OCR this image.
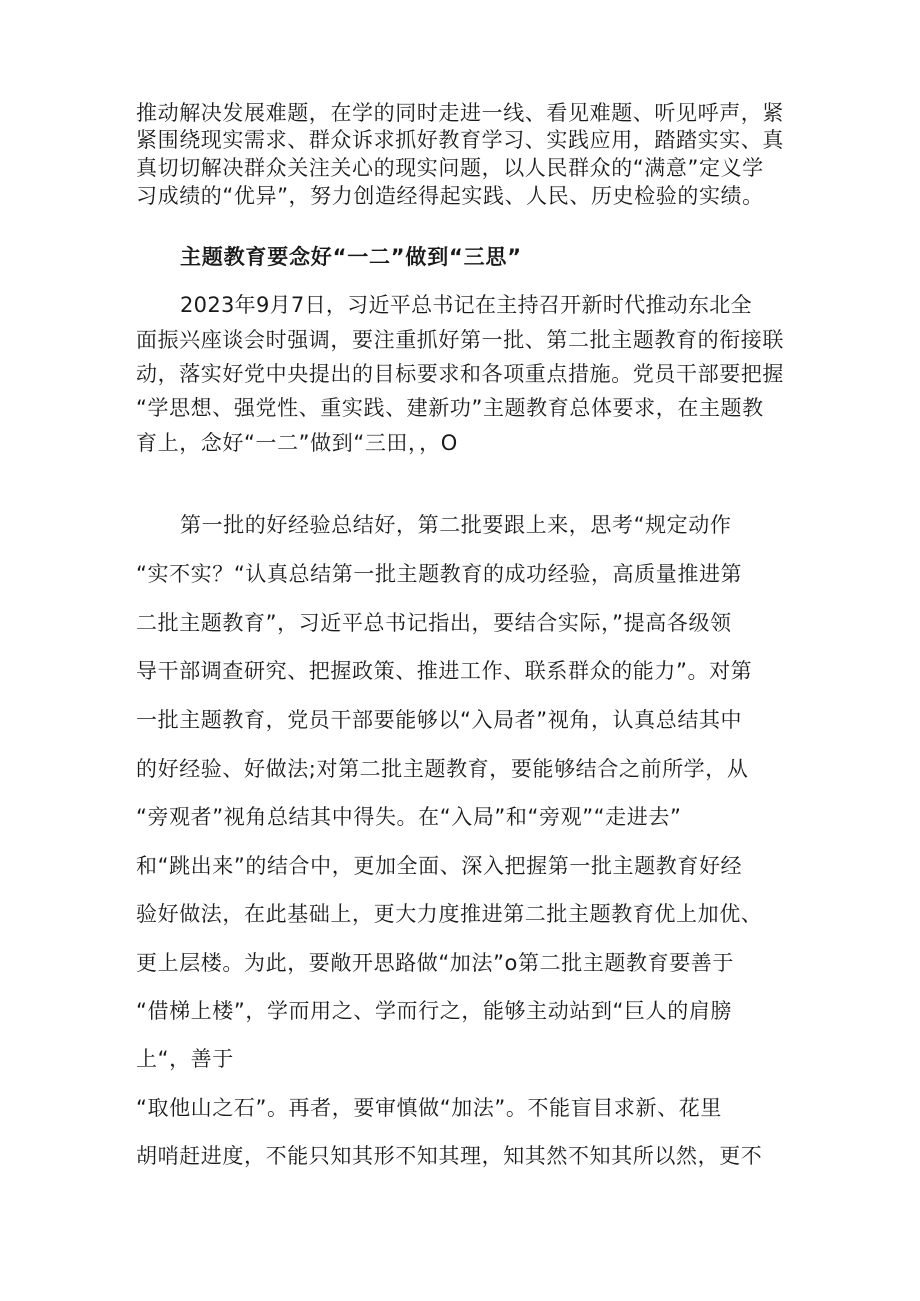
推动解决发展难题，在学的同时走进一线、看见难题、听见呼声，紧
紧围绕现实需求、群众诉求抓好教育学习、实践应用，踏踏实实、真
真切切解决群众关注关心的现实问题，以人民群众的“满意”定义学
习成绩的“优异”，努力创造经得起实践、人民、历史检验的实绩。
主题教育要念好“一二”做到“三思”
2023年9月7日，习近平总书记在主持召开新时代推动东北全
面振兴座谈会时强调，要注重抓好第一批、第二批主题教育的衔接联
动，落实好党中央提出的目标要求和各项重点措施。党员干部要把握
“学思想、强党性、重实践、建新功”主题教育总体要求，在主题教
育上，念好“一二”做到“三田，，O
第一批的好经验总结好，第二批要跟上来，思考“规定动作
“实不实？“认真总结第一批主题教育的成功经验，高质量推进第
二批主题教育”，习近平总书记指出，要结合实际，”提高各级领
导干部调查研究、把握政策、推进工作、联系群众的能力”。对第
一批主题教育，党员干部要能够以“入局者”视角，认真总结其中
的好经验、好做法;对第二批主题教育，要能够结合之前所学，从
“旁观者”视角总结其中得失。在“入局”和“旁观”“走进去”
和“跳出来”的结合中，更加全面、深入把握第一批主题教育好经
验好做法，在此基础上，更大力度推进第二批主题教育优上加优、
更上层楼。为此，要敞开思路做“加法”o第二批主题教育要善于
“借梯上楼”，学而用之、学而行之，能够主动站到“巨人的肩膀
上“，善于
“取他山之石”。再者，要审慎做“加法”。不能盲目求新、花里
胡哨赶进度，不能只知其形不知其理，知其然不知其所以然，更不
